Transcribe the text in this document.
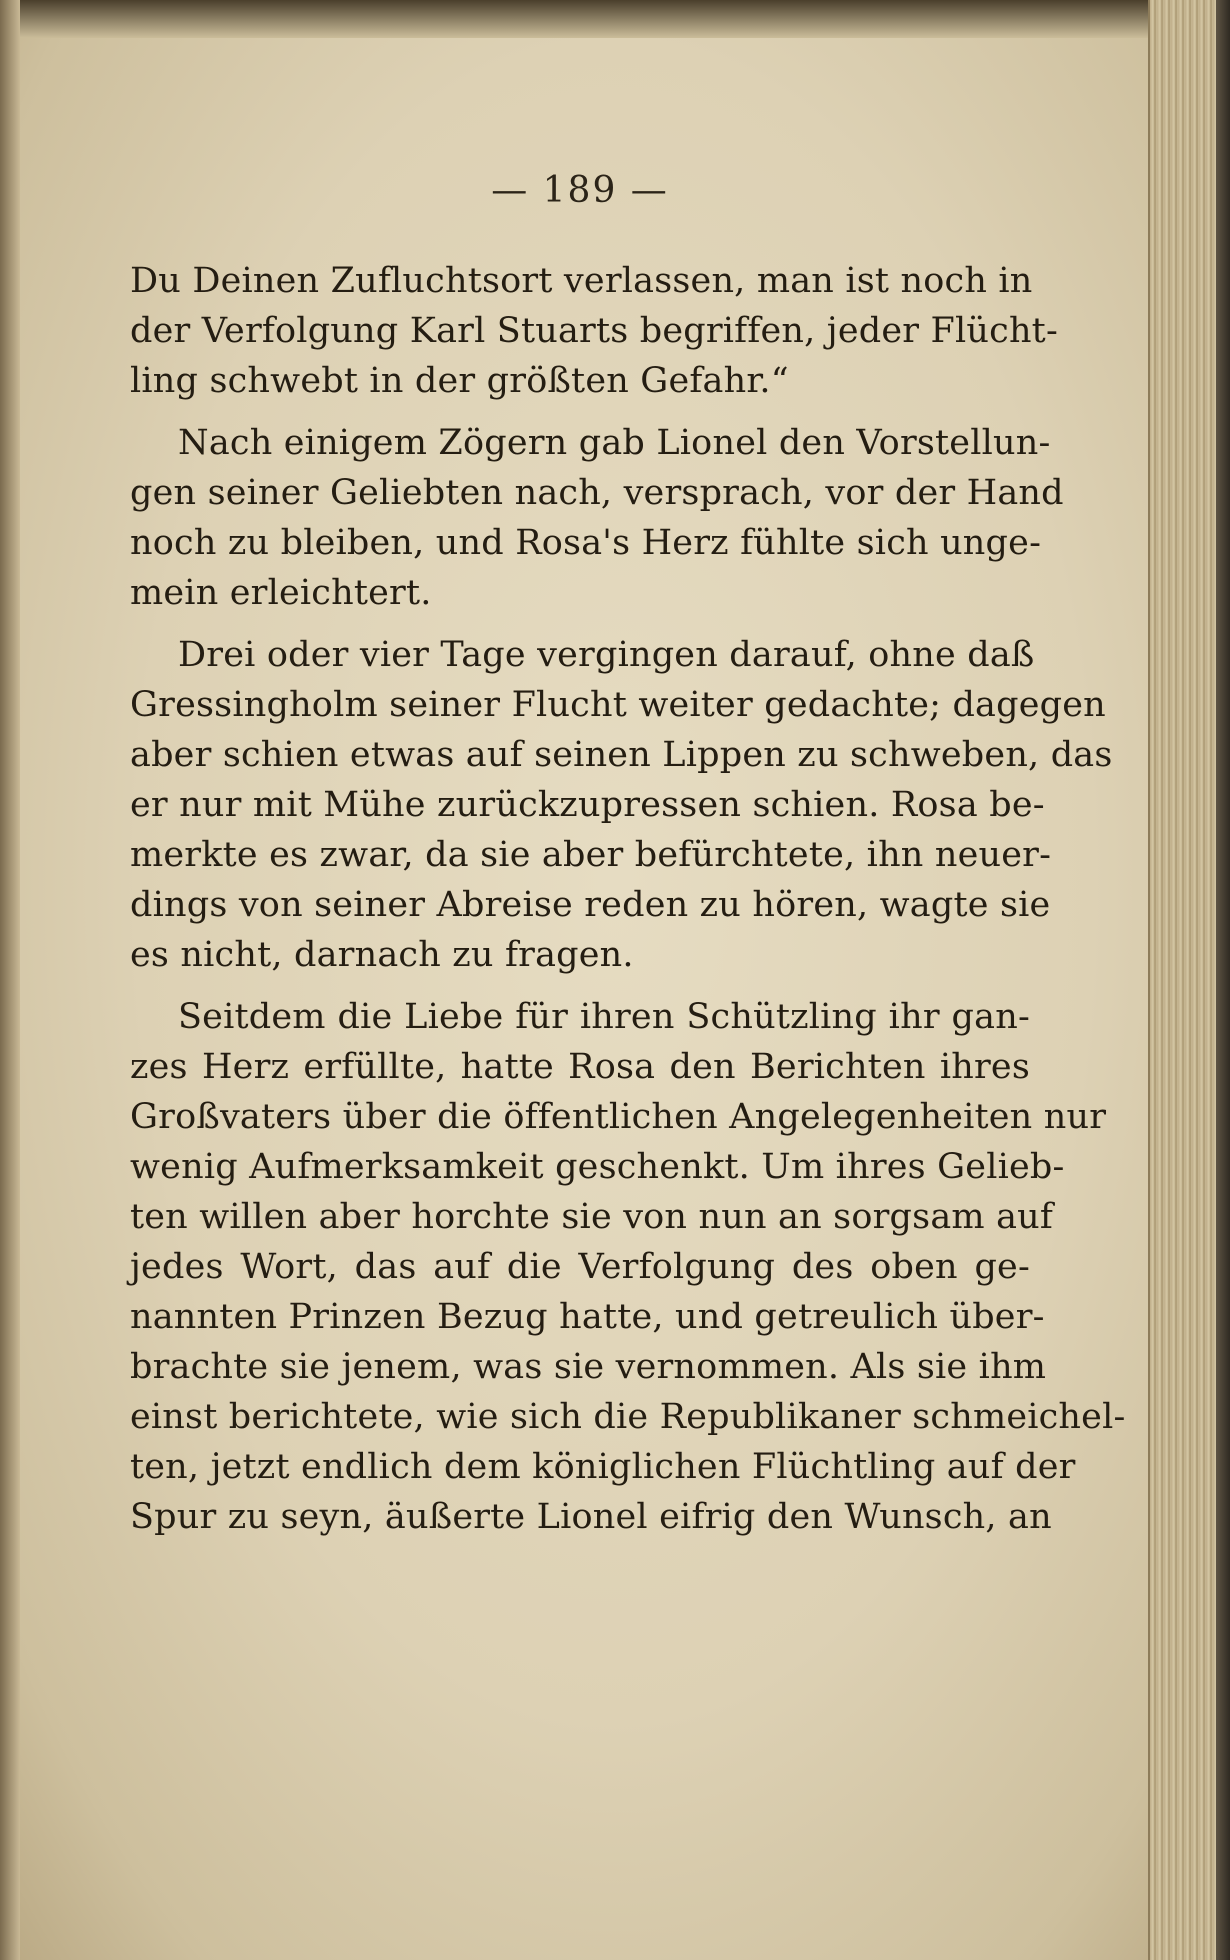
— 189 —
Du Deinen Zufluchtsort verlassen, man ist noch in
der Verfolgung Karl Stuarts begriffen, jeder Flücht-
ling schwebt in der größten Gefahr.“
Nach einigem Zögern gab Lionel den Vorstellun-
gen seiner Geliebten nach, versprach, vor der Hand
noch zu bleiben, und Rosa's Herz fühlte sich unge-
mein erleichtert.
Drei oder vier Tage vergingen darauf, ohne daß
Gressingholm seiner Flucht weiter gedachte; dagegen
aber schien etwas auf seinen Lippen zu schweben, das
er nur mit Mühe zurückzupressen schien. Rosa be-
merkte es zwar, da sie aber befürchtete, ihn neuer-
dings von seiner Abreise reden zu hören, wagte sie
es nicht, darnach zu fragen.
Seitdem die Liebe für ihren Schützling ihr gan-
zes Herz erfüllte, hatte Rosa den Berichten ihres
Großvaters über die öffentlichen Angelegenheiten nur
wenig Aufmerksamkeit geschenkt. Um ihres Gelieb-
ten willen aber horchte sie von nun an sorgsam auf
jedes Wort, das auf die Verfolgung des oben ge-
nannten Prinzen Bezug hatte, und getreulich über-
brachte sie jenem, was sie vernommen. Als sie ihm
einst berichtete, wie sich die Republikaner schmeichel-
ten, jetzt endlich dem königlichen Flüchtling auf der
Spur zu seyn, äußerte Lionel eifrig den Wunsch, an
